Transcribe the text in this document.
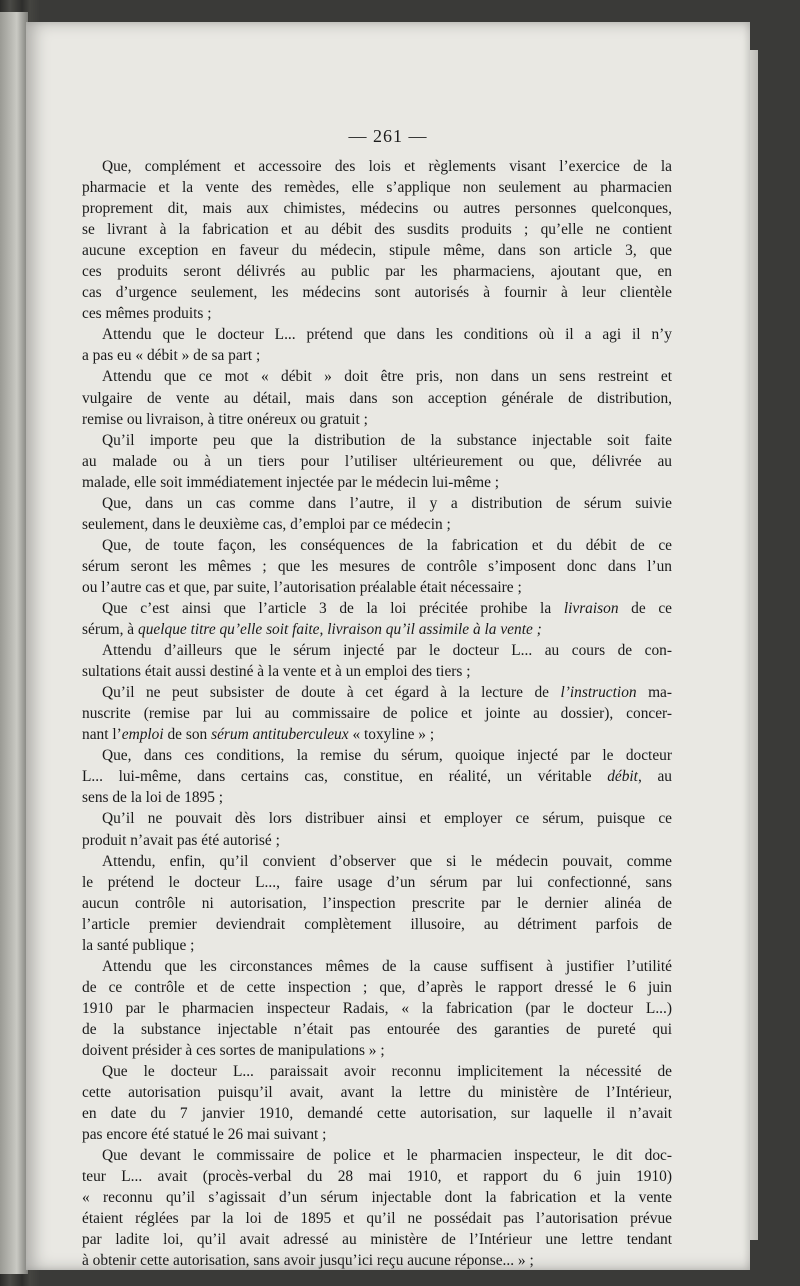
— 261 —
Que, complément et accessoire des lois et règlements visant l’exercice de la
pharmacie et la vente des remèdes, elle s’applique non seulement au pharmacien
proprement dit, mais aux chimistes, médecins ou autres personnes quelconques,
se livrant à la fabrication et au débit des susdits produits ; qu’elle ne contient
aucune exception en faveur du médecin, stipule même, dans son article 3, que
ces produits seront délivrés au public par les pharmaciens, ajoutant que, en
cas d’urgence seulement, les médecins sont autorisés à fournir à leur clientèle
ces mêmes produits ;
Attendu que le docteur L... prétend que dans les conditions où il a agi il n’y
a pas eu « débit » de sa part ;
Attendu que ce mot « débit » doit être pris, non dans un sens restreint et
vulgaire de vente au détail, mais dans son acception générale de distribution,
remise ou livraison, à titre onéreux ou gratuit ;
Qu’il importe peu que la distribution de la substance injectable soit faite
au malade ou à un tiers pour l’utiliser ultérieurement ou que, délivrée au
malade, elle soit immédiatement injectée par le médecin lui-même ;
Que, dans un cas comme dans l’autre, il y a distribution de sérum suivie
seulement, dans le deuxième cas, d’emploi par ce médecin ;
Que, de toute façon, les conséquences de la fabrication et du débit de ce
sérum seront les mêmes ; que les mesures de contrôle s’imposent donc dans l’un
ou l’autre cas et que, par suite, l’autorisation préalable était nécessaire ;
Que c’est ainsi que l’article 3 de la loi précitée prohibe la livraison de ce
sérum, à quelque titre qu’elle soit faite, livraison qu’il assimile à la vente ;
Attendu d’ailleurs que le sérum injecté par le docteur L... au cours de con-
sultations était aussi destiné à la vente et à un emploi des tiers ;
Qu’il ne peut subsister de doute à cet égard à la lecture de l’instruction ma-
nuscrite (remise par lui au commissaire de police et jointe au dossier), concer-
nant l’emploi de son sérum antituberculeux « toxyline » ;
Que, dans ces conditions, la remise du sérum, quoique injecté par le docteur
L... lui-même, dans certains cas, constitue, en réalité, un véritable débit, au
sens de la loi de 1895 ;
Qu’il ne pouvait dès lors distribuer ainsi et employer ce sérum, puisque ce
produit n’avait pas été autorisé ;
Attendu, enfin, qu’il convient d’observer que si le médecin pouvait, comme
le prétend le docteur L..., faire usage d’un sérum par lui confectionné, sans
aucun contrôle ni autorisation, l’inspection prescrite par le dernier alinéa de
l’article premier deviendrait complètement illusoire, au détriment parfois de
la santé publique ;
Attendu que les circonstances mêmes de la cause suffisent à justifier l’utilité
de ce contrôle et de cette inspection ; que, d’après le rapport dressé le 6 juin
1910 par le pharmacien inspecteur Radais, « la fabrication (par le docteur L...)
de la substance injectable n’était pas entourée des garanties de pureté qui
doivent présider à ces sortes de manipulations » ;
Que le docteur L... paraissait avoir reconnu implicitement la nécessité de
cette autorisation puisqu’il avait, avant la lettre du ministère de l’Intérieur,
en date du 7 janvier 1910, demandé cette autorisation, sur laquelle il n’avait
pas encore été statué le 26 mai suivant ;
Que devant le commissaire de police et le pharmacien inspecteur, le dit doc-
teur L... avait (procès-verbal du 28 mai 1910, et rapport du 6 juin 1910)
« reconnu qu’il s’agissait d’un sérum injectable dont la fabrication et la vente
étaient réglées par la loi de 1895 et qu’il ne possédait pas l’autorisation prévue
par ladite loi, qu’il avait adressé au ministère de l’Intérieur une lettre tendant
à obtenir cette autorisation, sans avoir jusqu’ici reçu aucune réponse... » ;
